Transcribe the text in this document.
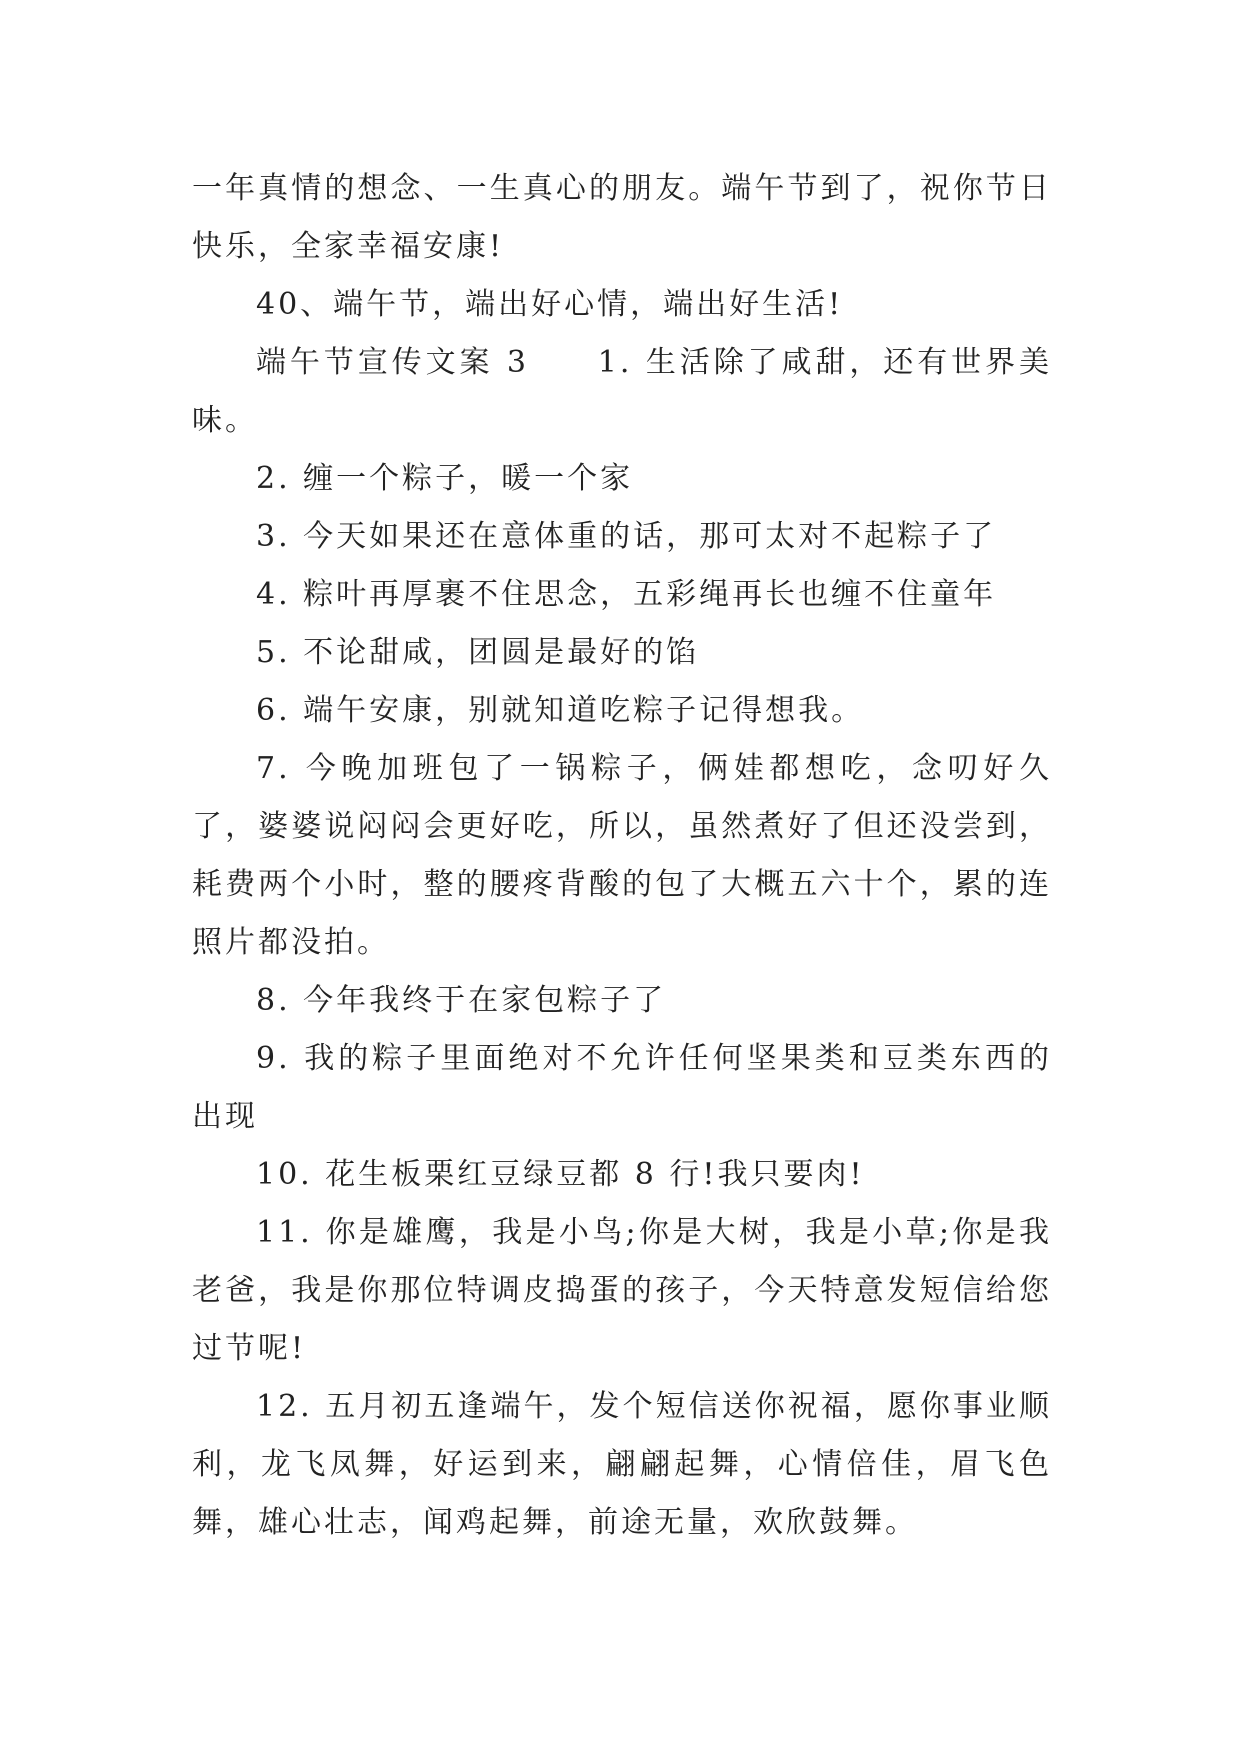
一年真情的想念、一生真心的朋友。端午节到了，祝你节日快乐，全家幸福安康!

40、端午节，端出好心情，端出好生活!

端午节宣传文案 3　　1. 生活除了咸甜，还有世界美味。

2. 缠一个粽子，暖一个家

3. 今天如果还在意体重的话，那可太对不起粽子了

4. 粽叶再厚裹不住思念，五彩绳再长也缠不住童年

5. 不论甜咸，团圆是最好的馅

6. 端午安康，别就知道吃粽子记得想我。

7. 今晚加班包了一锅粽子，俩娃都想吃，念叨好久了，婆婆说闷闷会更好吃，所以，虽然煮好了但还没尝到，耗费两个小时，整的腰疼背酸的包了大概五六十个，累的连照片都没拍。

8. 今年我终于在家包粽子了

9. 我的粽子里面绝对不允许任何坚果类和豆类东西的出现

10. 花生板栗红豆绿豆都 8 行!我只要肉!

11. 你是雄鹰，我是小鸟;你是大树，我是小草;你是我老爸，我是你那位特调皮捣蛋的孩子，今天特意发短信给您过节呢!

12. 五月初五逢端午，发个短信送你祝福，愿你事业顺利，龙飞凤舞，好运到来，翩翩起舞，心情倍佳，眉飞色舞，雄心壮志，闻鸡起舞，前途无量，欢欣鼓舞。
